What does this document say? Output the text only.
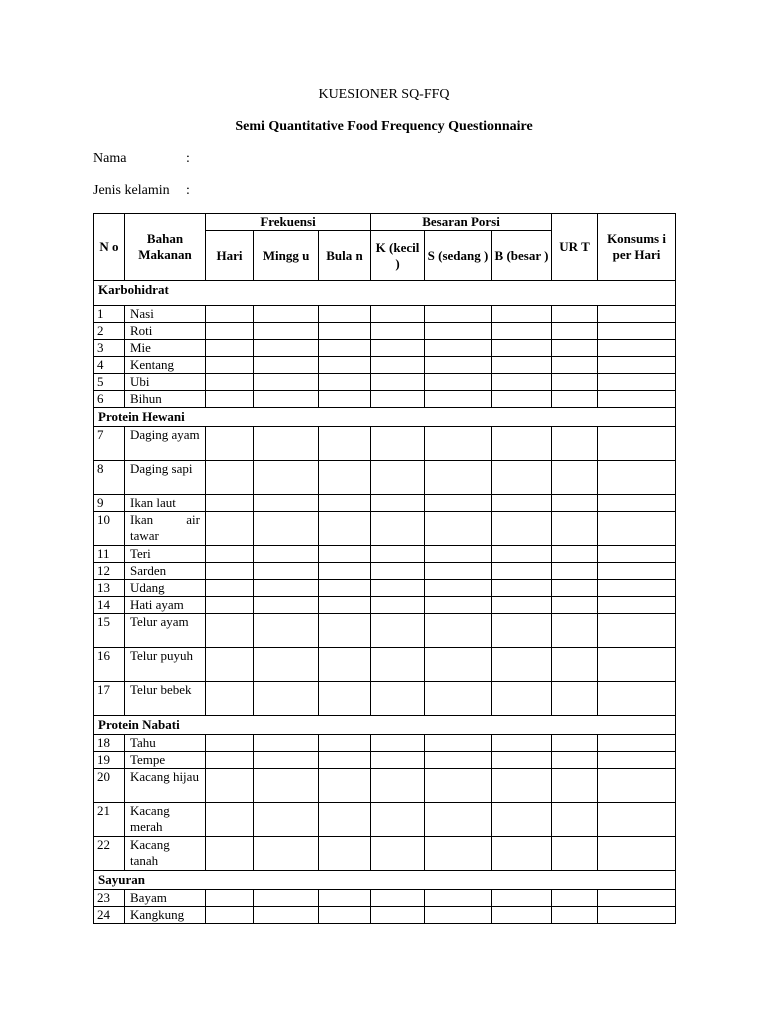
KUESIONER SQ-FFQ
Semi Quantitative Food Frequency Questionnaire
Nama	:
Jenis kelamin :
N o	Bahan Makanan	Frekuensi			Besaran Porsi			UR T	Konsums i per Hari
		Hari	Mingg u	Bula n	K (kecil )	S (sedang )	B (besar )		
Karbohidrat									
1	Nasi								
2	Roti								
3	Mie								
4	Kentang								
5	Ubi								
6	Bihun								
Protein Hewani									
7	Daging ayam								
8	Daging sapi								
9	Ikan laut								
10	Ikan air tawar								
11	Teri								
12	Sarden								
13	Udang								
14	Hati ayam								
15	Telur ayam								
16	Telur puyuh								
17	Telur bebek								
Protein Nabati									
18	Tahu								
19	Tempe								
20	Kacang hijau								
21	Kacang merah								
22	Kacang tanah								
Sayuran									
23	Bayam								
24	Kangkung								
